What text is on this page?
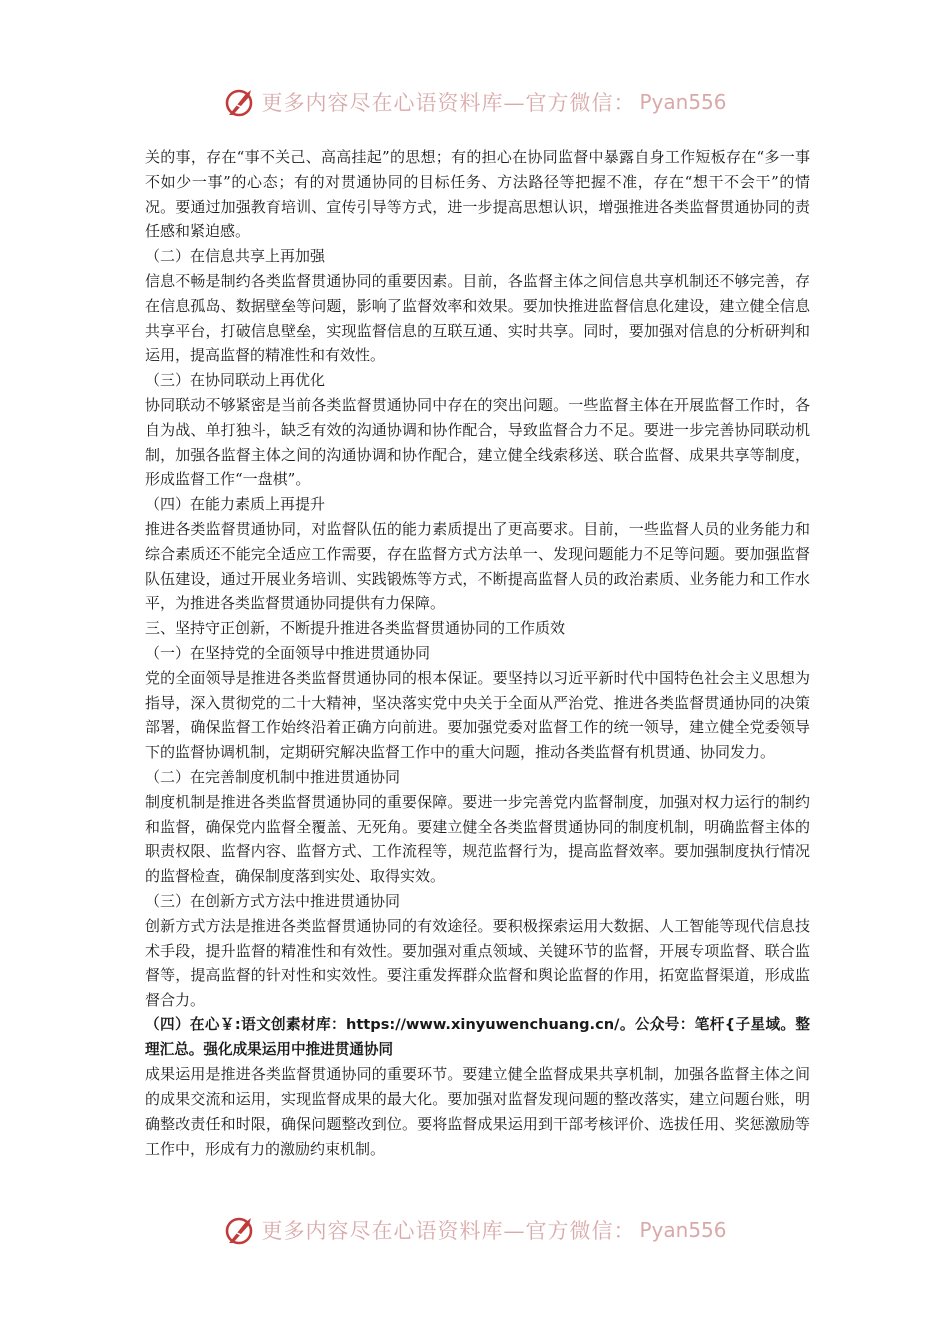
更多内容尽在心语资料库—官方微信： Pyan556

关的事，存在“事不关己、高高挂起”的思想；有的担心在协同监督中暴露自身工作短板存在“多一事不如少一事”的心态；有的对贯通协同的目标任务、方法路径等把握不准，存在“想干不会干”的情况。要通过加强教育培训、宣传引导等方式，进一步提高思想认识，增强推进各类监督贯通协同的责任感和紧迫感。

（二）在信息共享上再加强

信息不畅是制约各类监督贯通协同的重要因素。目前，各监督主体之间信息共享机制还不够完善，存在信息孤岛、数据壁垒等问题，影响了监督效率和效果。要加快推进监督信息化建设，建立健全信息共享平台，打破信息壁垒，实现监督信息的互联互通、实时共享。同时，要加强对信息的分析研判和运用，提高监督的精准性和有效性。

（三）在协同联动上再优化

协同联动不够紧密是当前各类监督贯通协同中存在的突出问题。一些监督主体在开展监督工作时，各自为战、单打独斗，缺乏有效的沟通协调和协作配合，导致监督合力不足。要进一步完善协同联动机制，加强各监督主体之间的沟通协调和协作配合，建立健全线索移送、联合监督、成果共享等制度，形成监督工作“一盘棋”。

（四）在能力素质上再提升

推进各类监督贯通协同，对监督队伍的能力素质提出了更高要求。目前，一些监督人员的业务能力和综合素质还不能完全适应工作需要，存在监督方式方法单一、发现问题能力不足等问题。要加强监督队伍建设，通过开展业务培训、实践锻炼等方式，不断提高监督人员的政治素质、业务能力和工作水平，为推进各类监督贯通协同提供有力保障。

三、坚持守正创新，不断提升推进各类监督贯通协同的工作质效

（一）在坚持党的全面领导中推进贯通协同

党的全面领导是推进各类监督贯通协同的根本保证。要坚持以习近平新时代中国特色社会主义思想为指导，深入贯彻党的二十大精神，坚决落实党中央关于全面从严治党、推进各类监督贯通协同的决策部署，确保监督工作始终沿着正确方向前进。要加强党委对监督工作的统一领导，建立健全党委领导下的监督协调机制，定期研究解决监督工作中的重大问题，推动各类监督有机贯通、协同发力。

（二）在完善制度机制中推进贯通协同

制度机制是推进各类监督贯通协同的重要保障。要进一步完善党内监督制度，加强对权力运行的制约和监督，确保党内监督全覆盖、无死角。要建立健全各类监督贯通协同的制度机制，明确监督主体的职责权限、监督内容、监督方式、工作流程等，规范监督行为，提高监督效率。要加强制度执行情况的监督检查，确保制度落到实处、取得实效。

（三）在创新方式方法中推进贯通协同

创新方式方法是推进各类监督贯通协同的有效途径。要积极探索运用大数据、人工智能等现代信息技术手段，提升监督的精准性和有效性。要加强对重点领域、关键环节的监督，开展专项监督、联合监督等，提高监督的针对性和实效性。要注重发挥群众监督和舆论监督的作用，拓宽监督渠道，形成监督合力。

（四）在心￥:语文创素材库：https://www.xinyuwenchuang.cn/。公众号：笔杆{子星域。整理汇总。强化成果运用中推进贯通协同

成果运用是推进各类监督贯通协同的重要环节。要建立健全监督成果共享机制，加强各监督主体之间的成果交流和运用，实现监督成果的最大化。要加强对监督发现问题的整改落实，建立问题台账，明确整改责任和时限，确保问题整改到位。要将监督成果运用到干部考核评价、选拔任用、奖惩激励等工作中，形成有力的激励约束机制。

更多内容尽在心语资料库—官方微信： Pyan556
